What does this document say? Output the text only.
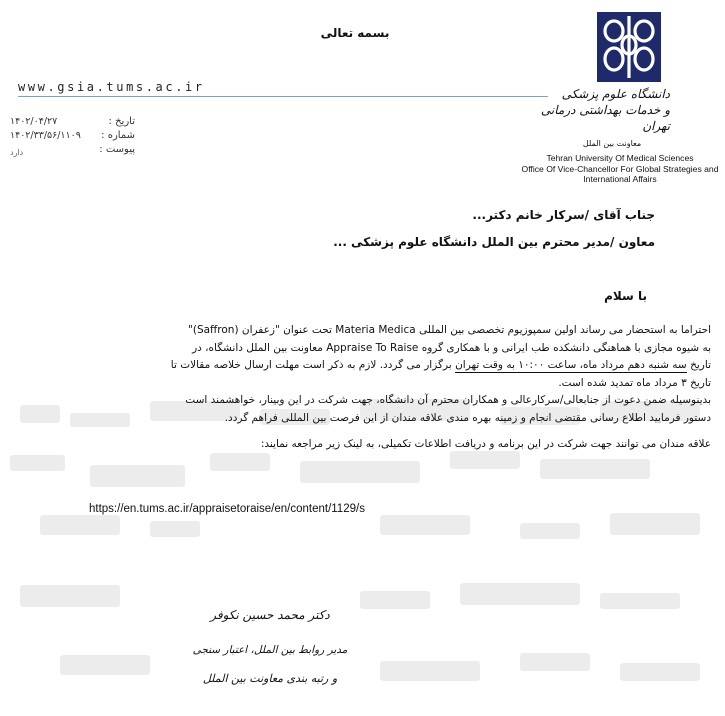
بسمه تعالی
www.gsia.tums.ac.ir
تاریخ :
۱۴۰۲/۰۴/۲۷
شماره :
۱۴۰۲/۳۳/۵۶/۱۱۰۹
پیوست :
دارد
دانشگاه علوم پزشکی
و خدمات بهداشتی درمانی تهران
معاونت بین الملل
Tehran University Of Medical Sciences
Office Of Vice-Chancellor For Global Strategies and
International Affairs
جناب آقای /سرکار خانم دکتر...
معاون /مدیر محترم بین الملل دانشگاه علوم پزشکی ...
با سلام
احتراما به استحضار می رساند اولین سمپوزیوم تخصصی بین المللی Materia Medica تحت عنوان "زعفران (Saffron)"
به شیوه مجازی با هماهنگی دانشکده طب ایرانی و با همکاری گروه Appraise To Raise معاونت بین الملل دانشگاه، در
تاریخ سه شنبه دهم مرداد ماه، ساعت ۱۰:۰۰ به وقت تهران برگزار می گردد. لازم به ذکر است مهلت ارسال خلاصه مقالات تا
تاریخ ۳ مرداد ماه تمدید شده است.
بدینوسیله ضمن دعوت از جنابعالی/سرکارعالی و همکاران محترم آن دانشگاه، جهت شرکت در این وبینار، خواهشمند است
دستور فرمایید اطلاع رسانی مقتضی انجام و زمینه بهره مندی علاقه مندان از این فرصت بین المللی فراهم گردد.
علاقه مندان می توانند جهت شرکت در این برنامه و دریافت اطلاعات تکمیلی، به لینک زیر مراجعه نمایند:
https://en.tums.ac.ir/appraisetoraise/en/content/1129/s
دکتر محمد حسین نکوفر
مدیر روابط بین الملل، اعتبار سنجی
و رتبه بندی معاونت بین الملل
